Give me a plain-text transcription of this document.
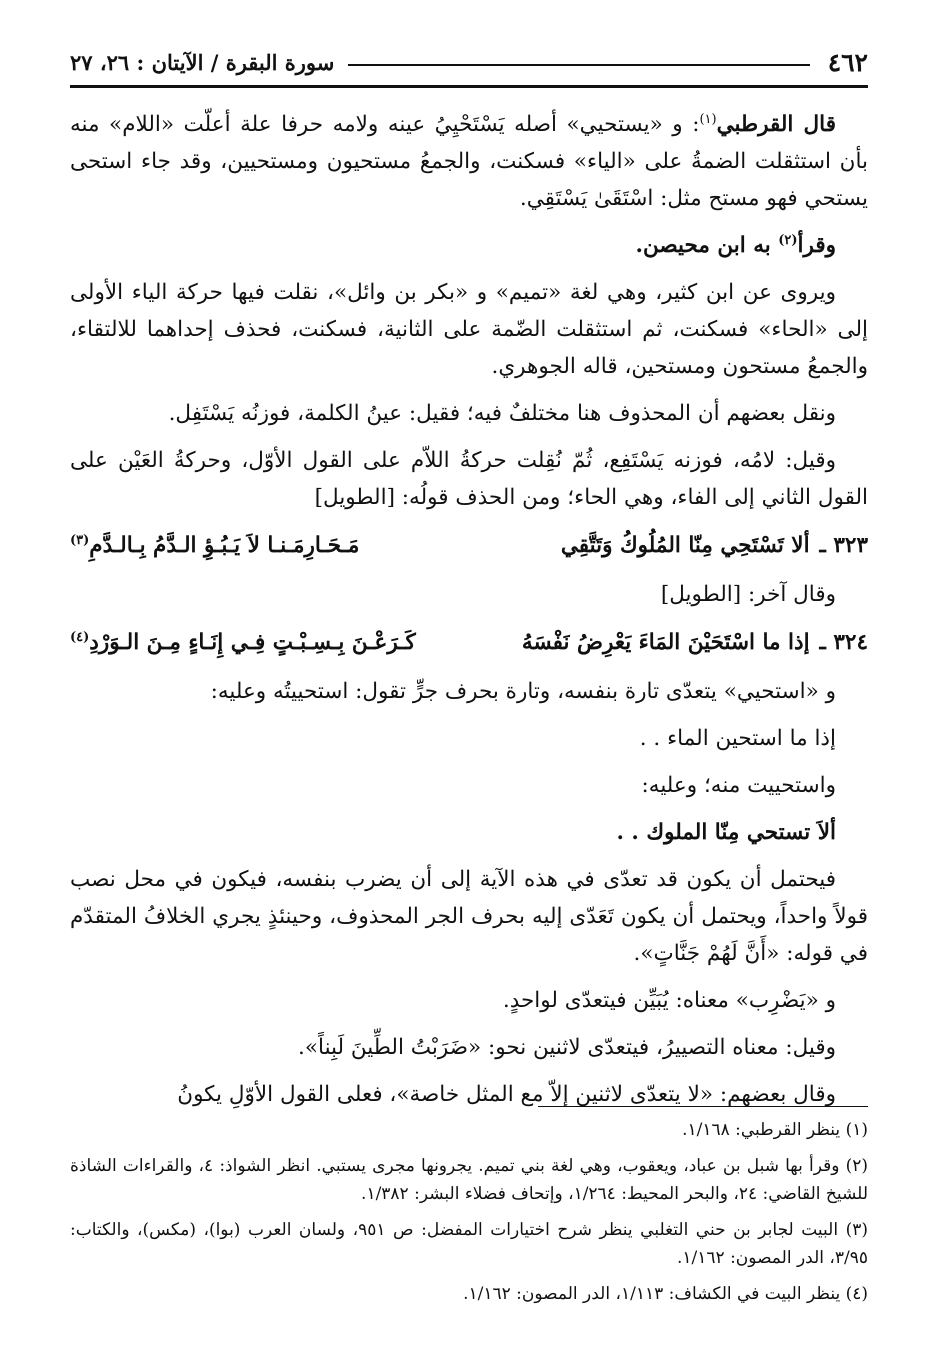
٤٦٢
سورة البقرة / الآيتان : ٢٦، ٢٧

قال القرطبي$^{(١)}$: و «يستحيي» أصله يَسْتَحْيِيُ عينه ولامه حرفا علة أعلّت «اللام» منه بأن استثقلت الضمةُ على «الياء» فسكنت، والجمعُ مستحيون ومستحيين، وقد جاء استحى يستحي فهو مستح مثل: اسْتَقَىٰ يَسْتَقِي.

وقرأ$^{(٢)}$ به ابن محيصن.

ويروى عن ابن كثير، وهي لغة «تميم» و «بكر بن وائل»، نقلت فيها حركة الياء الأولى إلى «الحاء» فسكنت، ثم استثقلت الضّمة على الثانية، فسكنت، فحذف إحداهما للالتقاء، والجمعُ مستحون ومستحين، قاله الجوهري.

ونقل بعضهم أن المحذوف هنا مختلفٌ فيه؛ فقيل: عينُ الكلمة، فوزنُه يَسْتَفِل.

وقيل: لامُه، فوزنه يَسْتَفِع، ثُمّ نُقِلت حركةُ اللاّم على القول الأوّل، وحركةُ العَيْن على القول الثاني إلى الفاء، وهي الحاء؛ ومن الحذف قولُه: [الطويل]

٣٢٣ ـ
ألا تَسْتَحِي مِنّا المُلُوكُ وَتَتَّقِي
مَـحَـارِمَـنـا لاَ يَـبُـؤِ الـدَّمُ بِـالـدَّمِ$^{(٣)}$

وقال آخر: [الطويل]

٣٢٤ ـ
إذا ما اسْتَحَيْنَ المَاءَ يَعْرِضُ نَفْسَهُ
كَـرَعْـنَ بِـسِـبْـتٍ فِـي إِنَـاءٍ مِـنَ الـوَرْدِ$^{(٤)}$

و «استحيي» يتعدّى تارة بنفسه، وتارة بحرف جرٍّ تقول: استحييتُه وعليه:

إذا ما استحين الماء . .

واستحييت منه؛ وعليه:

ألاَ تستحي مِنّا الملوك . .

فيحتمل أن يكون قد تعدّى في هذه الآية إلى أن يضرب بنفسه، فيكون في محل نصب قولاً واحداً، ويحتمل أن يكون تَعَدّى إليه بحرف الجر المحذوف، وحينئذٍ يجري الخلافُ المتقدّم في قوله: «أَنَّ لَهُمْ جَنَّاتٍ».

و «يَضْرِب» معناه: يُبَيِّن فيتعدّى لواحدٍ.

وقيل: معناه التصييرُ، فيتعدّى لاثنين نحو: «ضَرَبْتُ الطِّينَ لَبِناً».

وقال بعضهم: «لا يتعدّى لاثنين إلاّ مع المثل خاصة»، فعلى القول الأوّلِ يكونُ

(١) ينظر القرطبي: ١/١٦٨.

(٢) وقرأ بها شبل بن عباد، ويعقوب، وهي لغة بني تميم. يجرونها مجرى يستبي. انظر الشواذ: ٤، والقراءات الشاذة للشيخ القاضي: ٢٤، والبحر المحيط: ١/٢٦٤، وإتحاف فضلاء البشر: ١/٣٨٢.

(٣) البيت لجابر بن حني التغلبي ينظر شرح اختيارات المفضل: ص ٩٥١، ولسان العرب (بوا)، (مكس)، والكتاب: ٣/٩٥، الدر المصون: ١/١٦٢.

(٤) ينظر البيت في الكشاف: ١/١١٣، الدر المصون: ١/١٦٢.
